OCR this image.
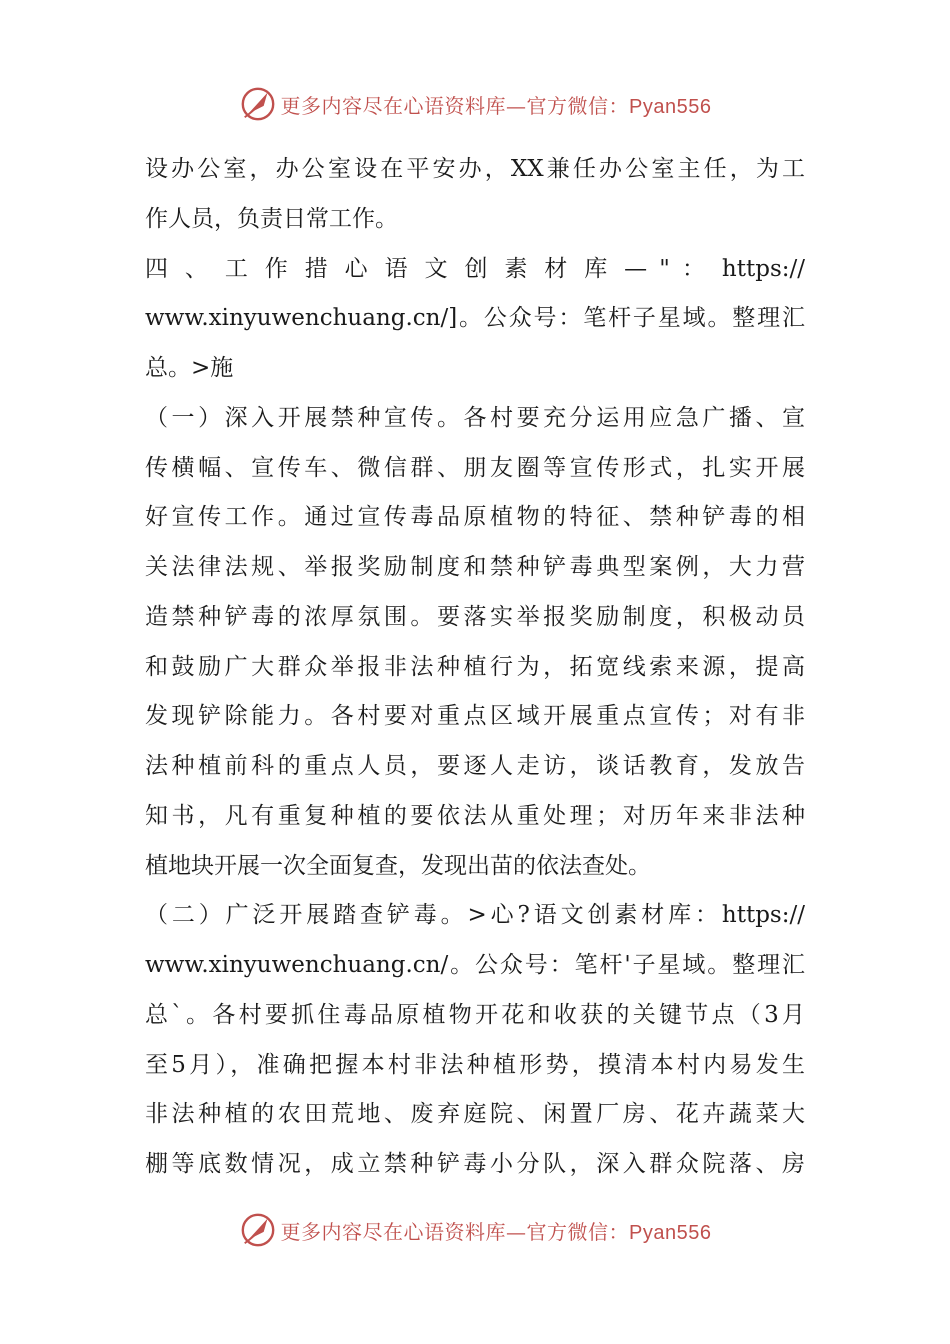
更多内容尽在心语资料库—官方微信：Pyan556
设办公室，办公室设在平安办，XX兼任办公室主任，为工
作人员，负责日常工作。
四 、 工 作 措 心 语 文 创 素 材 库 — " ： https://
www.xinyuwenchuang.cn/]。公众号：笔杆子星域。整理汇
总。>施
（一）深入开展禁种宣传。各村要充分运用应急广播、宣
传横幅、宣传车、微信群、朋友圈等宣传形式，扎实开展
好宣传工作。通过宣传毒品原植物的特征、禁种铲毒的相
关法律法规、举报奖励制度和禁种铲毒典型案例，大力营
造禁种铲毒的浓厚氛围。要落实举报奖励制度，积极动员
和鼓励广大群众举报非法种植行为，拓宽线索来源，提高
发现铲除能力。各村要对重点区域开展重点宣传；对有非
法种植前科的重点人员，要逐人走访，谈话教育，发放告
知书，凡有重复种植的要依法从重处理；对历年来非法种
植地块开展一次全面复查，发现出苗的依法查处。
（二）广泛开展踏查铲毒。>心?语文创素材库：https://
www.xinyuwenchuang.cn/。公众号：笔杆'子星域。整理汇
总`。各村要抓住毒品原植物开花和收获的关键节点（3月
至5月），准确把握本村非法种植形势，摸清本村内易发生
非法种植的农田荒地、废弃庭院、闲置厂房、花卉蔬菜大
棚等底数情况，成立禁种铲毒小分队，深入群众院落、房
更多内容尽在心语资料库—官方微信：Pyan556
